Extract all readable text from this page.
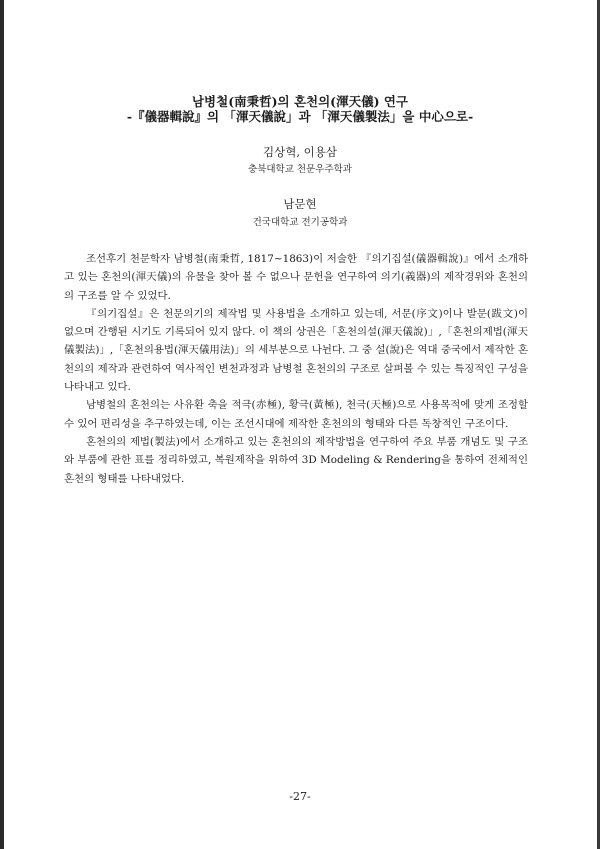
남병철(南秉哲)의 혼천의(渾天儀) 연구
-『儀器輯說』의 「渾天儀說」과 「渾天儀製法」을 中心으로-
김상혁, 이용삼
충북대학교 천문우주학과
남문현
건국대학교 전기공학과

조선후기 천문학자 남병철(南秉哲, 1817~1863)이 저술한 『의기집설(儀器輯說)』에서 소개하고 있는 혼천의(渾天儀)의 유물을 찾아 볼 수 없으나 문헌을 연구하여 의기(義器)의 제작경위와 혼천의의 구조를 알 수 있었다.

『의기집설』은 천문의기의 제작법 및 사용법을 소개하고 있는데, 서문(序文)이나 발문(跋文)이 없으며 간행된 시기도 기록되어 있지 않다. 이 책의 상권은「혼천의설(渾天儀說)」,「혼천의제법(渾天儀製法)」,「혼천의용법(渾天儀用法)」의 세부분으로 나뉜다. 그 중 설(說)은 역대 중국에서 제작한 혼천의의 제작과 관련하여 역사적인 변천과정과 남병철 혼천의의 구조로 살펴볼 수 있는 특징적인 구성을 나타내고 있다.

남병철의 혼천의는 사유환 축을 적극(赤極), 황극(黃極), 천극(天極)으로 사용목적에 맞게 조정할 수 있어 편리성을 추구하였는데, 이는 조선시대에 제작한 혼천의의 형태와 다른 독창적인 구조이다.

혼천의의 제법(製法)에서 소개하고 있는 혼천의의 제작방법을 연구하여 주요 부품 개념도 및 구조와 부품에 관한 표를 정리하였고, 복원제작을 위하여 3D Modeling & Rendering을 통하여 전체적인 혼천의 형태를 나타내었다.

-27-
